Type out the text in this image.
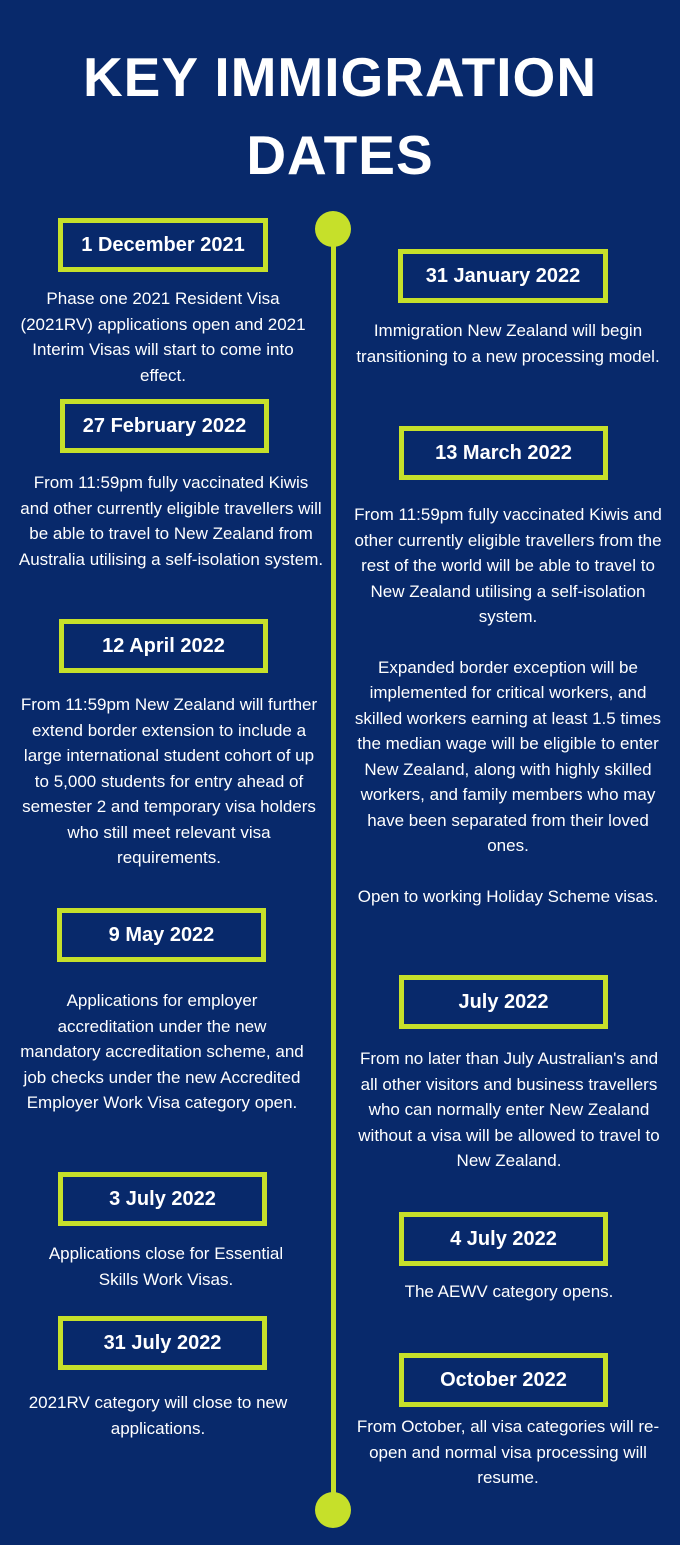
KEY IMMIGRATION
DATES
1 December 2021
Phase one 2021 Resident Visa (2021RV) applications open and 2021 Interim Visas will start to come into effect.
27 February 2022
From 11:59pm fully vaccinated Kiwis and other currently eligible travellers will be able to travel to New Zealand from Australia utilising a self-isolation system.
12 April 2022
From 11:59pm New Zealand will further extend border extension to include a large international student cohort of up to 5,000 students for entry ahead of semester 2 and temporary visa holders who still meet relevant visa requirements.
9 May 2022
Applications for employer accreditation under the new mandatory accreditation scheme, and job checks under the new Accredited Employer Work Visa category open.
3 July 2022
Applications close for Essential Skills Work Visas.
31 July 2022
2021RV category will close to new applications.
31 January 2022
Immigration New Zealand will begin transitioning to a new processing model.
13 March 2022

From 11:59pm fully vaccinated Kiwis and other currently eligible travellers from the rest of the world will be able to travel to New Zealand utilising a self-isolation system.

Expanded border exception will be implemented for critical workers, and skilled workers earning at least 1.5 times the median wage will be eligible to enter New Zealand, along with highly skilled workers, and family members who may have been separated from their loved ones.

Open to working Holiday Scheme visas.

July 2022
From no later than July Australian's and all other visitors and business travellers who can normally enter New Zealand without a visa will be allowed to travel to New Zealand.
4 July 2022
The AEWV category opens.
October 2022
From October, all visa categories will re-open and normal visa processing will resume.
